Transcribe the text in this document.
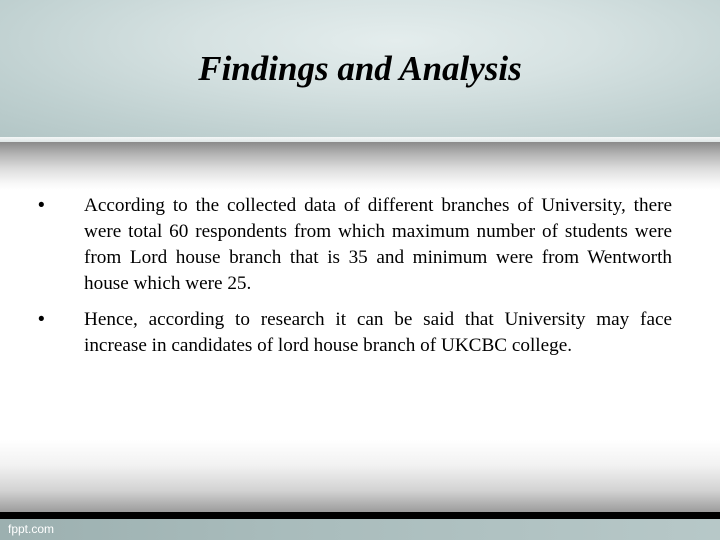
Findings and Analysis
• According to the collected data of different branches of University, there were total 60 respondents from which maximum number of students were from Lord house branch that is 35 and minimum were from Wentworth house which were 25.
• Hence, according to research it can be said that University may face increase in candidates of lord house branch of UKCBC college.
fppt.com
